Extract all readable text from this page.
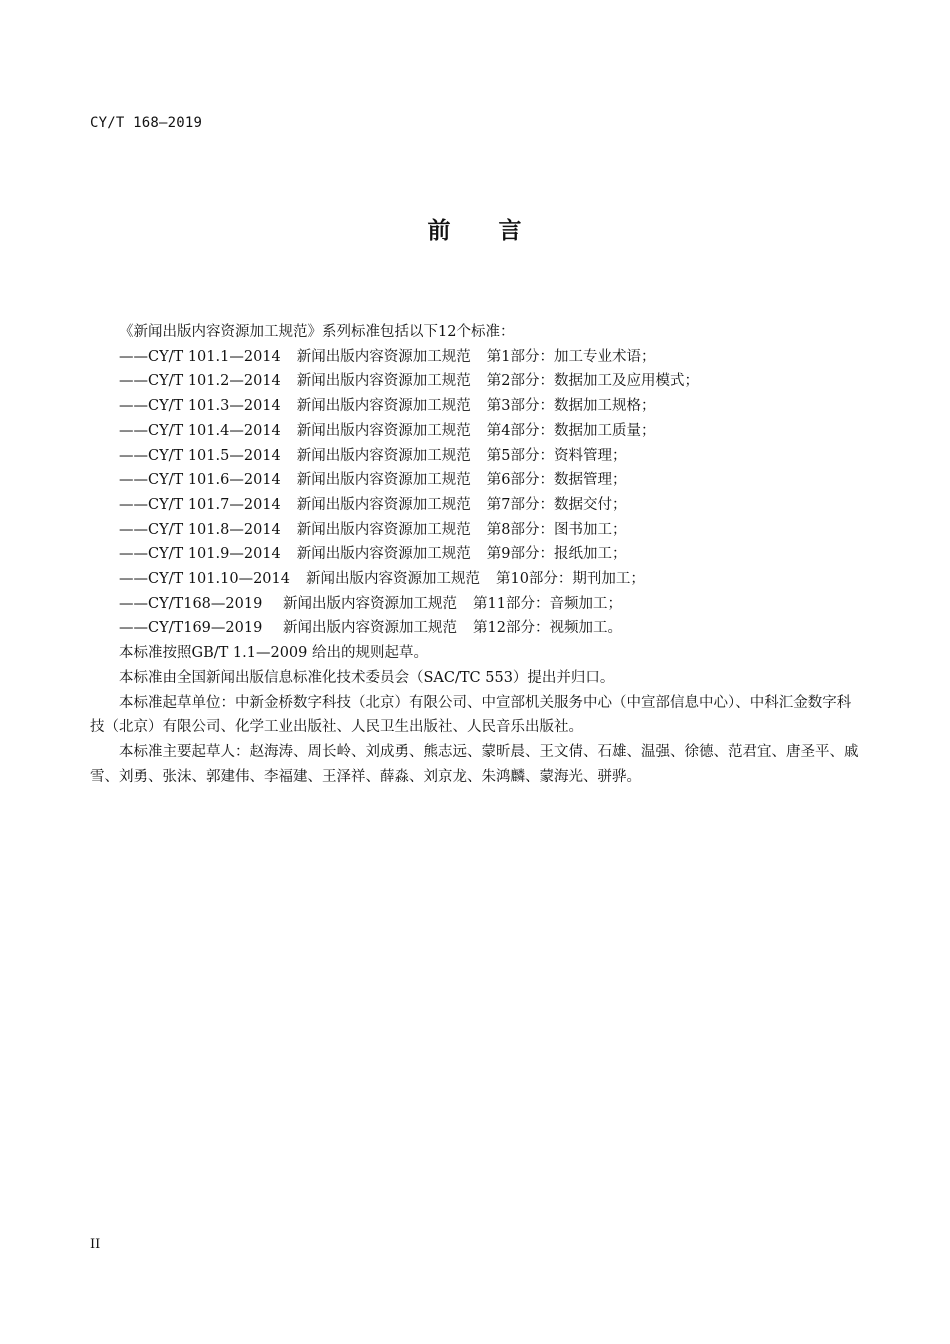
CY/T 168—2019
前 言
《新闻出版内容资源加工规范》系列标准包括以下12个标准：
——CY/T 101.1—2014 新闻出版内容资源加工规范 第1部分：加工专业术语；
——CY/T 101.2—2014 新闻出版内容资源加工规范 第2部分：数据加工及应用模式；
——CY/T 101.3—2014 新闻出版内容资源加工规范 第3部分：数据加工规格；
——CY/T 101.4—2014 新闻出版内容资源加工规范 第4部分：数据加工质量；
——CY/T 101.5—2014 新闻出版内容资源加工规范 第5部分：资料管理；
——CY/T 101.6—2014 新闻出版内容资源加工规范 第6部分：数据管理；
——CY/T 101.7—2014 新闻出版内容资源加工规范 第7部分：数据交付；
——CY/T 101.8—2014 新闻出版内容资源加工规范 第8部分：图书加工；
——CY/T 101.9—2014 新闻出版内容资源加工规范 第9部分：报纸加工；
——CY/T 101.10—2014 新闻出版内容资源加工规范 第10部分：期刊加工；
——CY/T168—2019 新闻出版内容资源加工规范 第11部分：音频加工；
——CY/T169—2019 新闻出版内容资源加工规范 第12部分：视频加工。
本标准按照GB/T 1.1—2009 给出的规则起草。
本标准由全国新闻出版信息标准化技术委员会（SAC/TC 553）提出并归口。
本标准起草单位：中新金桥数字科技（北京）有限公司、中宣部机关服务中心（中宣部信息中心）、中科汇金数字科技（北京）有限公司、化学工业出版社、人民卫生出版社、人民音乐出版社。
本标准主要起草人：赵海涛、周长岭、刘成勇、熊志远、蒙昕晨、王文倩、石雄、温强、徐德、范君宜、唐圣平、戚雪、刘勇、张沫、郭建伟、李福建、王泽祥、薛淼、刘京龙、朱鸿麟、蒙海光、骈骅。
II
